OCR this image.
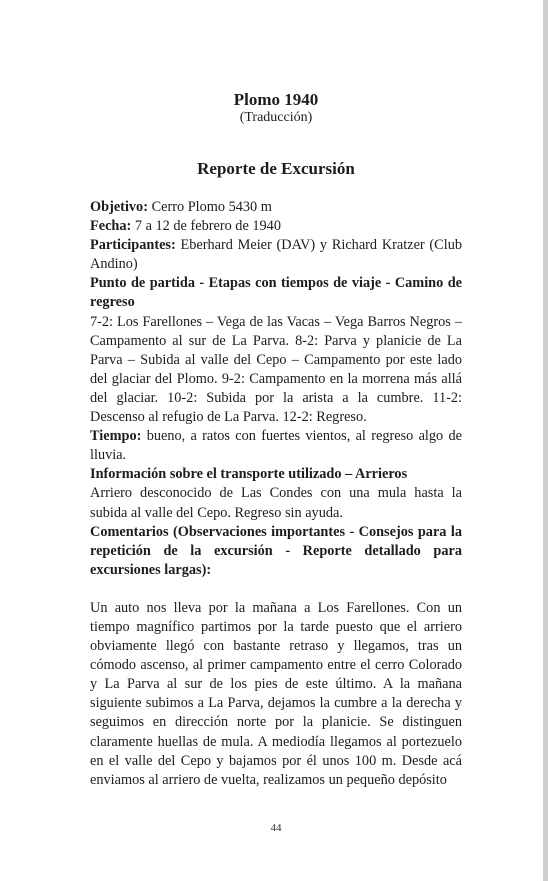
Plomo 1940
(Traducción)
Reporte de Excursión

Objetivo: Cerro Plomo 5430 m

Fecha: 7 a 12 de febrero de 1940

Participantes: Eberhard Meier (DAV) y Richard Kratzer (Club Andino)

Punto de partida - Etapas con tiempos de viaje - Camino de regreso

7-2: Los Farellones – Vega de las Vacas – Vega Barros Negros – Campamento al sur de La Parva. 8-2: Parva y planicie de La Parva – Subida al valle del Cepo – Campamento por este lado del glaciar del Plomo. 9-2: Campamento en la morrena más allá del glaciar. 10-2: Subida por la arista a la cumbre. 11-2: Descenso al refugio de La Parva. 12-2: Regreso.

Tiempo: bueno, a ratos con fuertes vientos, al regreso algo de lluvia.

Información sobre el transporte utilizado – Arrieros

Arriero desconocido de Las Condes con una mula hasta la subida al valle del Cepo. Regreso sin ayuda.

Comentarios (Observaciones importantes - Consejos para la repetición de la excursión - Reporte detallado para excursiones largas):

Un auto nos lleva por la mañana a Los Farellones. Con un tiempo magnífico partimos por la tarde puesto que el arriero obviamente llegó con bastante retraso y llegamos, tras un cómodo ascenso, al primer campamento entre el cerro Colorado y La Parva al sur de los pies de este último. A la mañana siguiente subimos a La Parva, dejamos la cumbre a la derecha y seguimos en dirección norte por la planicie. Se distinguen claramente huellas de mula. A mediodía llegamos al portezuelo en el valle del Cepo y bajamos por él unos 100 m. Desde acá enviamos al arriero de vuelta, realizamos un pequeño depósito

44
